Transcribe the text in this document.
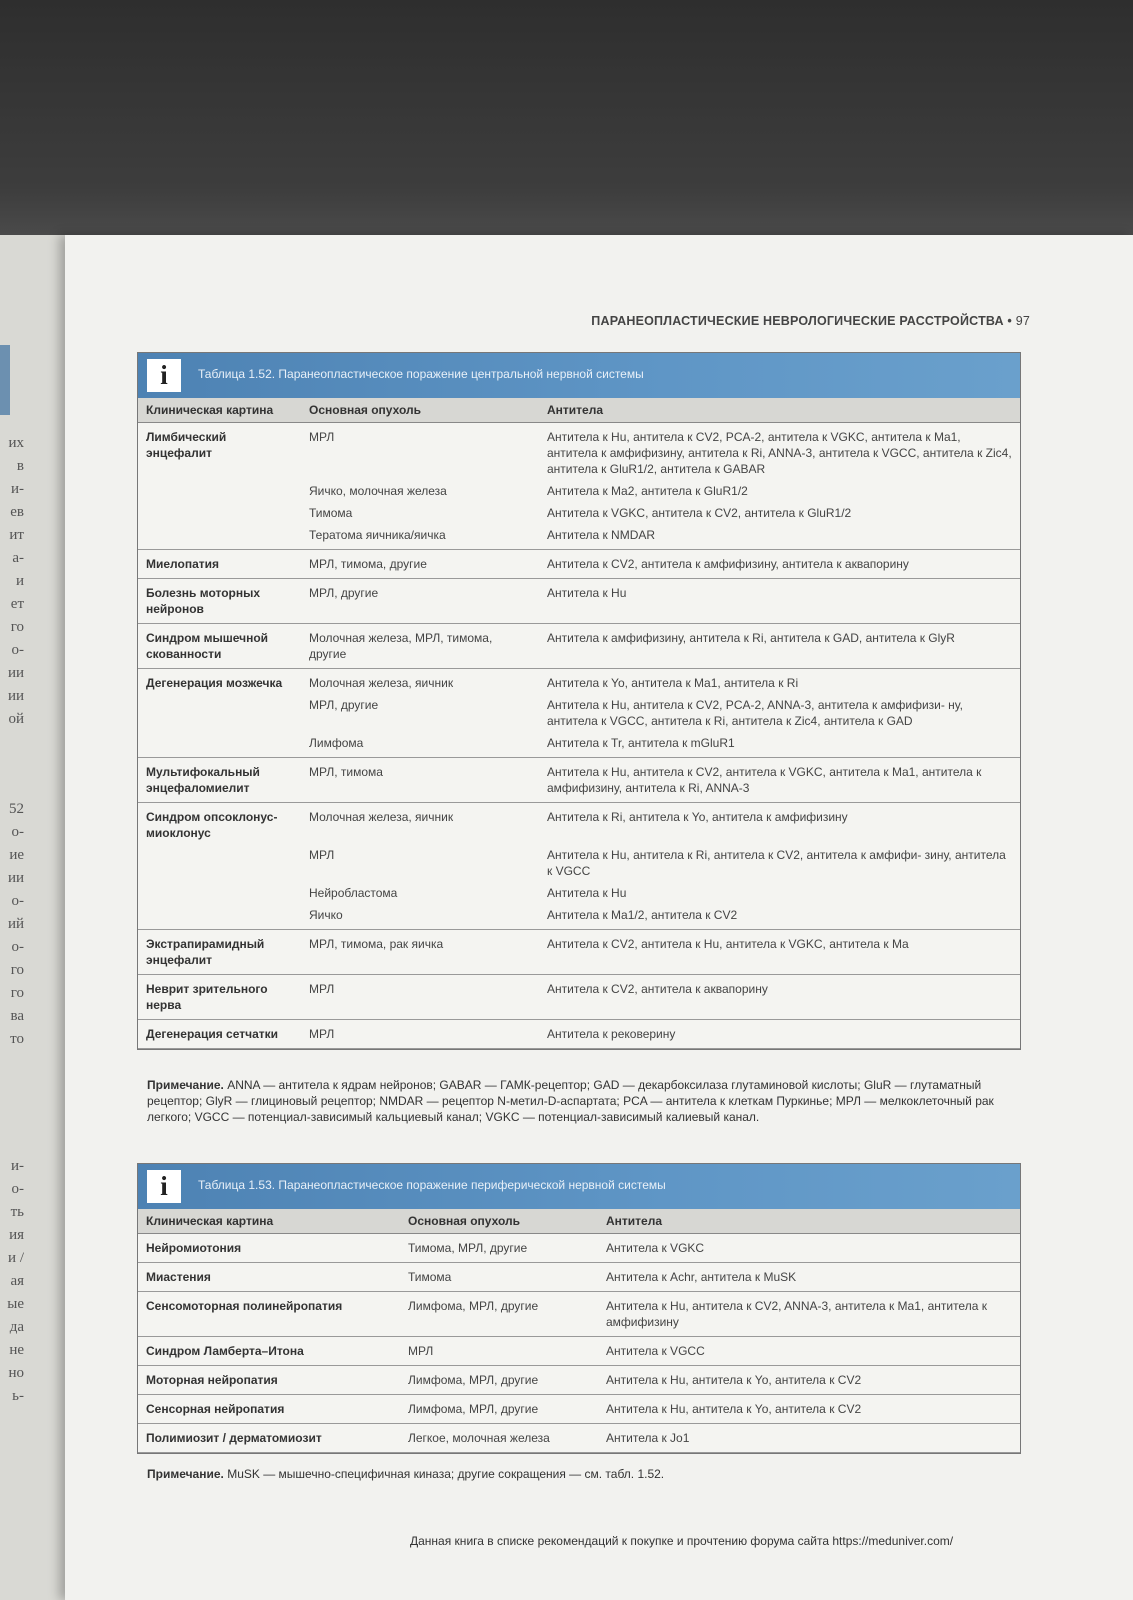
их
в
и-
ев
ит
а-
и
ет
го
о-
ии
ии
ой
52
о-
ие
ии
о-
ий
о-
го
го
ва
то
и-
о-
ть
ия
и /
ая
ые
да
не
но
ь-
ПАРАНЕОПЛАСТИЧЕСКИЕ НЕВРОЛОГИЧЕСКИЕ РАССТРОЙСТВА • 97
i	Таблица 1.52. Паранеопластическое поражение центральной нервной системы
Клиническая картина	Основная опухоль	Антитела
Лимбический энцефалит	МРЛ	Антитела к Hu, антитела к CV2, PCA-2, антитела к VGKC, антитела к Ma1, антитела к амфифизину, антитела к Ri, ANNA-3, антитела к VGCC, антитела к Zic4, антитела к GluR1/2, антитела к GABAR
	Яичко, молочная железа	Антитела к Ma2, антитела к GluR1/2
	Тимома	Антитела к VGKC, антитела к CV2, антитела к GluR1/2
	Тератома яичника/яичка	Антитела к NMDAR
Миелопатия	МРЛ, тимома, другие	Антитела к CV2, антитела к амфифизину, антитела к аквапорину
Болезнь моторных нейронов	МРЛ, другие	Антитела к Hu
Синдром мышечной скованности	Молочная железа, МРЛ, тимома, другие	Антитела к амфифизину, антитела к Ri, антитела к GAD, антитела к GlyR
Дегенерация мозжечка	Молочная железа, яичник	Антитела к Yo, антитела к Ma1, антитела к Ri
	МРЛ, другие	Антитела к Hu, антитела к CV2, PCA-2, ANNA-3, антитела к амфифизи- ну, антитела к VGCC, антитела к Ri, антитела к Zic4, антитела к GAD
	Лимфома	Антитела к Tr, антитела к mGluR1
Мультифокальный энцефаломиелит	МРЛ, тимома	Антитела к Hu, антитела к CV2, антитела к VGKC, антитела к Ma1, антитела к амфифизину, антитела к Ri, ANNA-3
Синдром опсоклонус-миоклонус	Молочная железа, яичник	Антитела к Ri, антитела к Yo, антитела к амфифизину
	МРЛ	Антитела к Hu, антитела к Ri, антитела к CV2, антитела к амфифи- зину, антитела к VGCC
	Нейробластома	Антитела к Hu
	Яичко	Антитела к Ma1/2, антитела к CV2
Экстрапирамидный энцефалит	МРЛ, тимома, рак яичка	Антитела к CV2, антитела к Hu, антитела к VGKC, антитела к Ma
Неврит зрительного нерва	МРЛ	Антитела к CV2, антитела к аквапорину
Дегенерация сетчатки	МРЛ	Антитела к рековерину
Примечание. ANNA — антитела к ядрам нейронов; GABAR — ГАМК-рецептор; GAD — декарбоксилаза глутаминовой кислоты; GluR — глутаматный рецептор; GlyR — глициновый рецептор; NMDAR — рецептор N-метил-D-аспартата; PCA — антитела к клеткам Пуркинье; МРЛ — мелкоклеточный рак легкого; VGCC — потенциал-зависимый кальциевый канал; VGKC — потенциал-зависимый калиевый канал.
i	Таблица 1.53. Паранеопластическое поражение периферической нервной системы
Клиническая картина	Основная опухоль	Антитела
Нейромиотония	Тимома, МРЛ, другие	Антитела к VGKC
Миастения	Тимома	Антитела к Achr, антитела к MuSK
Сенсомоторная полинейропатия	Лимфома, МРЛ, другие	Антитела к Hu, антитела к CV2, ANNA-3, антитела к Ma1, антитела к амфифизину
Синдром Ламберта–Итона	МРЛ	Антитела к VGCC
Моторная нейропатия	Лимфома, МРЛ, другие	Антитела к Hu, антитела к Yo, антитела к CV2
Сенсорная нейропатия	Лимфома, МРЛ, другие	Антитела к Hu, антитела к Yo, антитела к CV2
Полимиозит / дерматомиозит	Легкое, молочная железа	Антитела к Jo1
Примечание. MuSK — мышечно-специфичная киназа; другие сокращения — см. табл. 1.52.
Данная книга в списке рекомендаций к покупке и прочтению форума сайта https://meduniver.com/
